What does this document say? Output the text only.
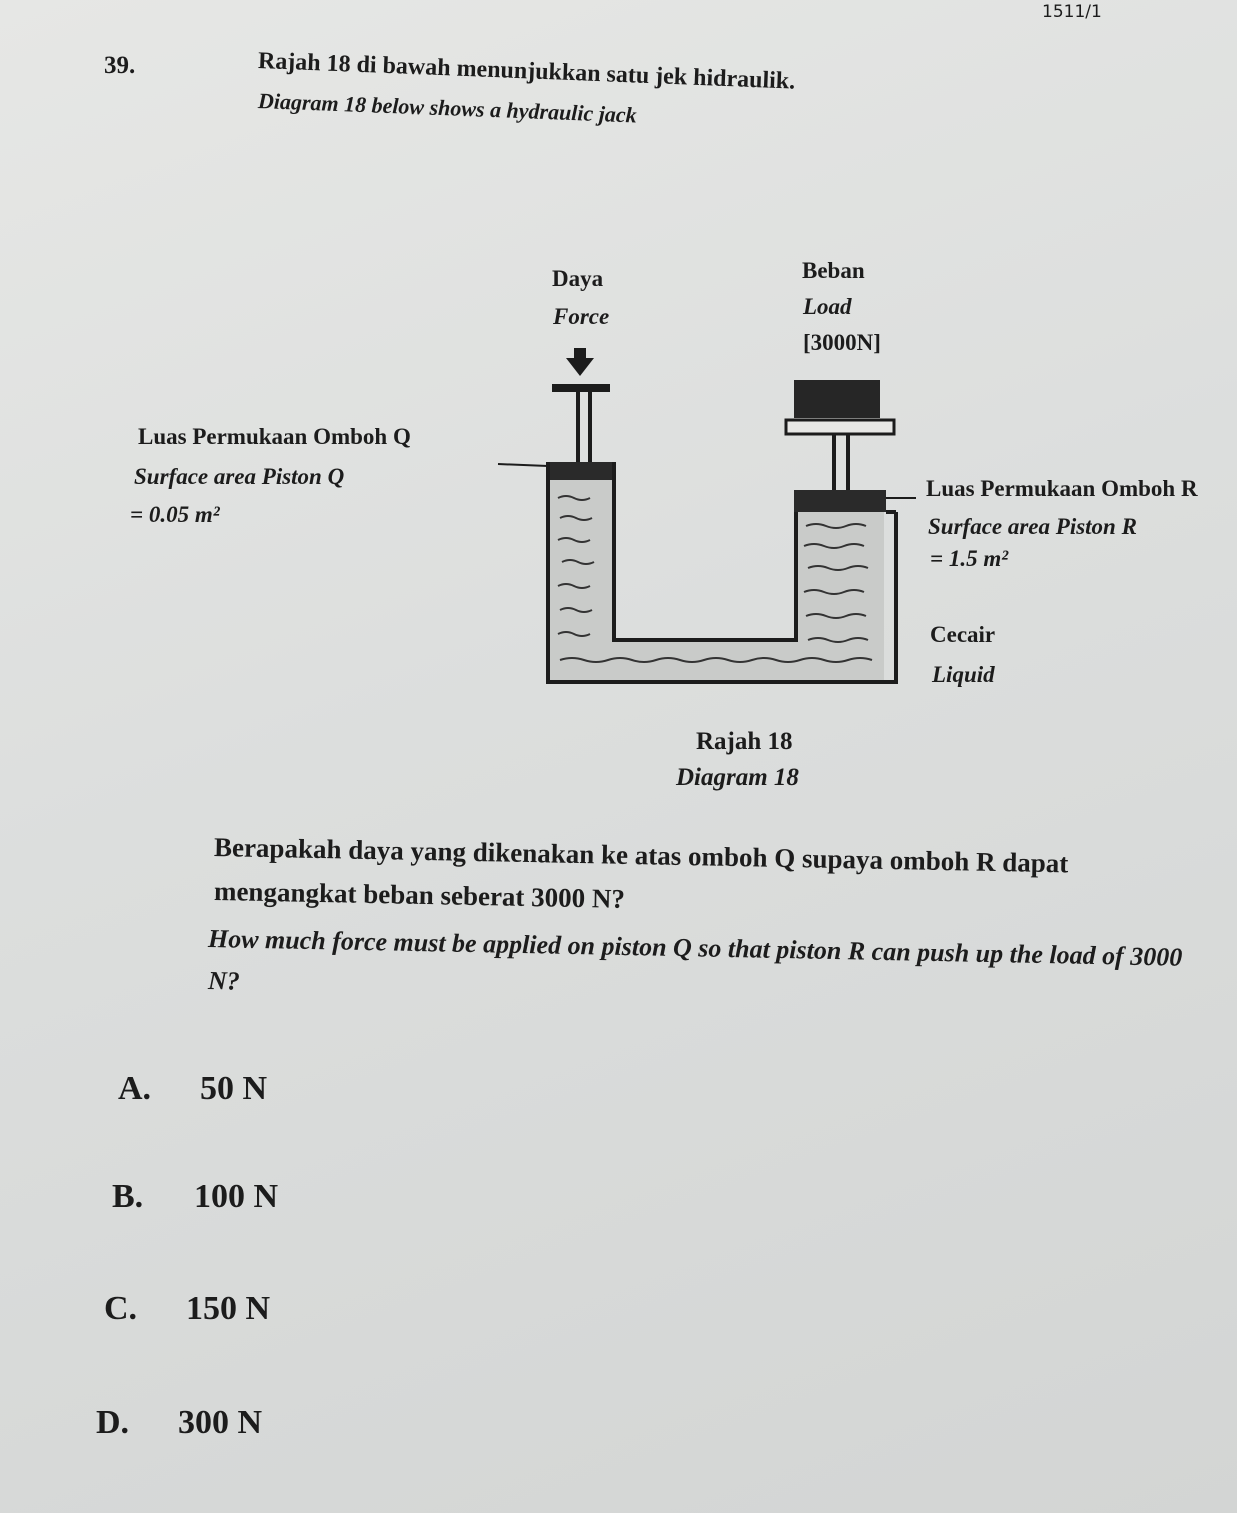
1511/1
39.	Rajah 18 di bawah menunjukkan satu jek hidraulik.
Diagram 18 below shows a hydraulic jack
Daya
Force
Beban
Load
[3000N]
Luas Permukaan Omboh Q
Surface area Piston Q
= 0.05 m²
Luas Permukaan Omboh R
Surface area Piston R
= 1.5 m²
Cecair
Liquid
Rajah 18
Diagram 18
Berapakah daya yang dikenakan ke atas omboh Q supaya omboh R dapat
mengangkat beban seberat 3000 N?
How much force must be applied on piston Q so that piston R can push up the load of 3000
N?
A. 50 N
B. 100 N
C. 150 N
D. 300 N
